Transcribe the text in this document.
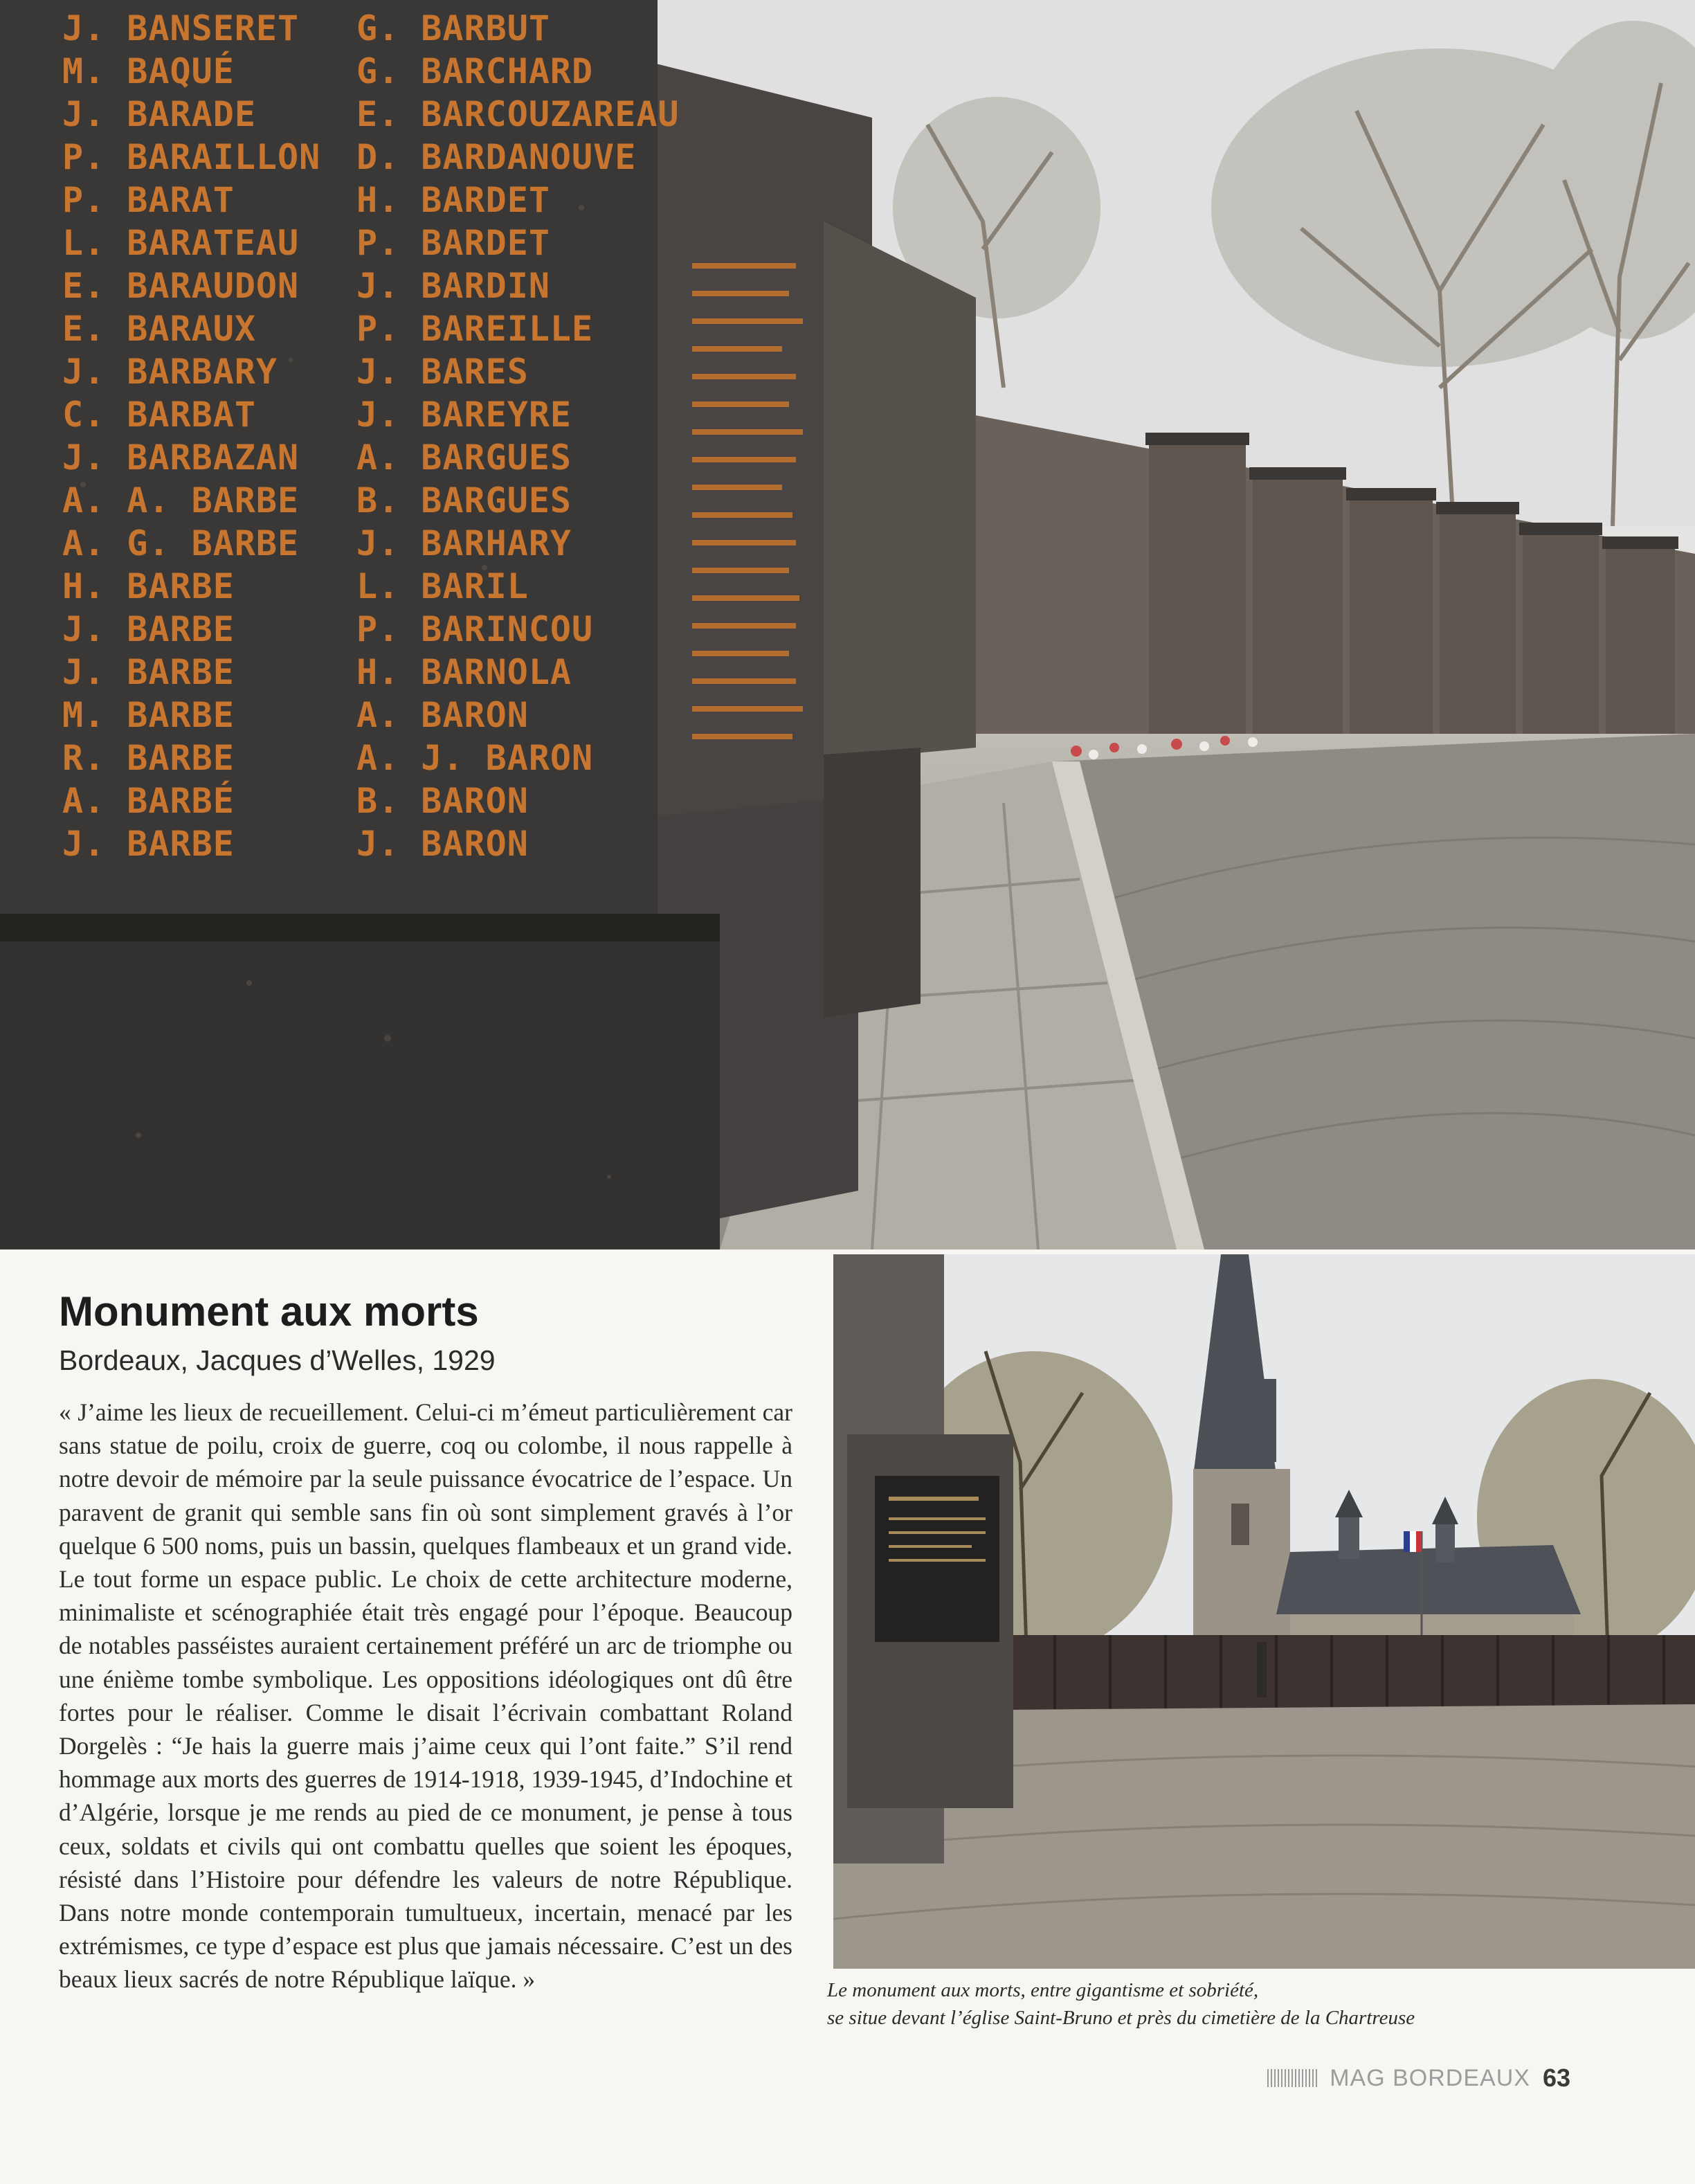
J. BANSERET
M. BAQUÉ
J. BARADE
P. BARAILLON
P. BARAT
L. BARATEAU
E. BARAUDON
E. BARAUX
J. BARBARY
C. BARBAT
J. BARBAZAN
A. A. BARBE
A. G. BARBE
H. BARBE
J. BARBE
J. BARBE
M. BARBE
R. BARBE
A. BARBÉ
J. BARBE
G. BARBUT
G. BARCHARD
E. BARCOUZAREAU
D. BARDANOUVE
H. BARDET
P. BARDET
J. BARDIN
P. BAREILLE
J. BARES
J. BAREYRE
A. BARGUES
B. BARGUES
J. BARHARY
L. BARIL
P. BARINCOU
H. BARNOLA
A. BARON
A. J. BARON
B. BARON
J. BARON
Monument aux morts
Bordeaux, Jacques d’Welles, 1929

« J’aime les lieux de recueillement. Celui-ci m’émeut particulièrement car sans statue de poilu, croix de guerre, coq ou colombe, il nous rappelle à notre devoir de mémoire par la seule puissance évocatrice de l’espace. Un paravent de granit qui semble sans fin où sont simplement gravés à l’or quelque 6 500 noms, puis un bassin, quelques flambeaux et un grand vide. Le tout forme un espace public. Le choix de cette architecture moderne, minimaliste et scénographiée était très engagé pour l’époque. Beaucoup de notables passéistes auraient certainement préféré un arc de triomphe ou une énième tombe symbolique. Les oppositions idéologiques ont dû être fortes pour le réaliser. Comme le disait l’écrivain combattant Roland Dorgelès : “Je hais la guerre mais j’aime ceux qui l’ont faite.” S’il rend hommage aux morts des guerres de 1914-1918, 1939-1945, d’Indochine et d’Algérie, lorsque je me rends au pied de ce monument, je pense à tous ceux, soldats et civils qui ont combattu quelles que soient les époques, résisté dans l’Histoire pour défendre les valeurs de notre République. Dans notre monde contemporain tumultueux, incertain, menacé par les extrémismes, ce type d’espace est plus que jamais nécessaire. C’est un des beaux lieux sacrés de notre République laïque. »	Le monument aux morts, entre gigantisme et sobriété,
se situe devant l’église Saint-Bruno et près du cimetière de la Chartreuse
MAG BORDEAUX 63
